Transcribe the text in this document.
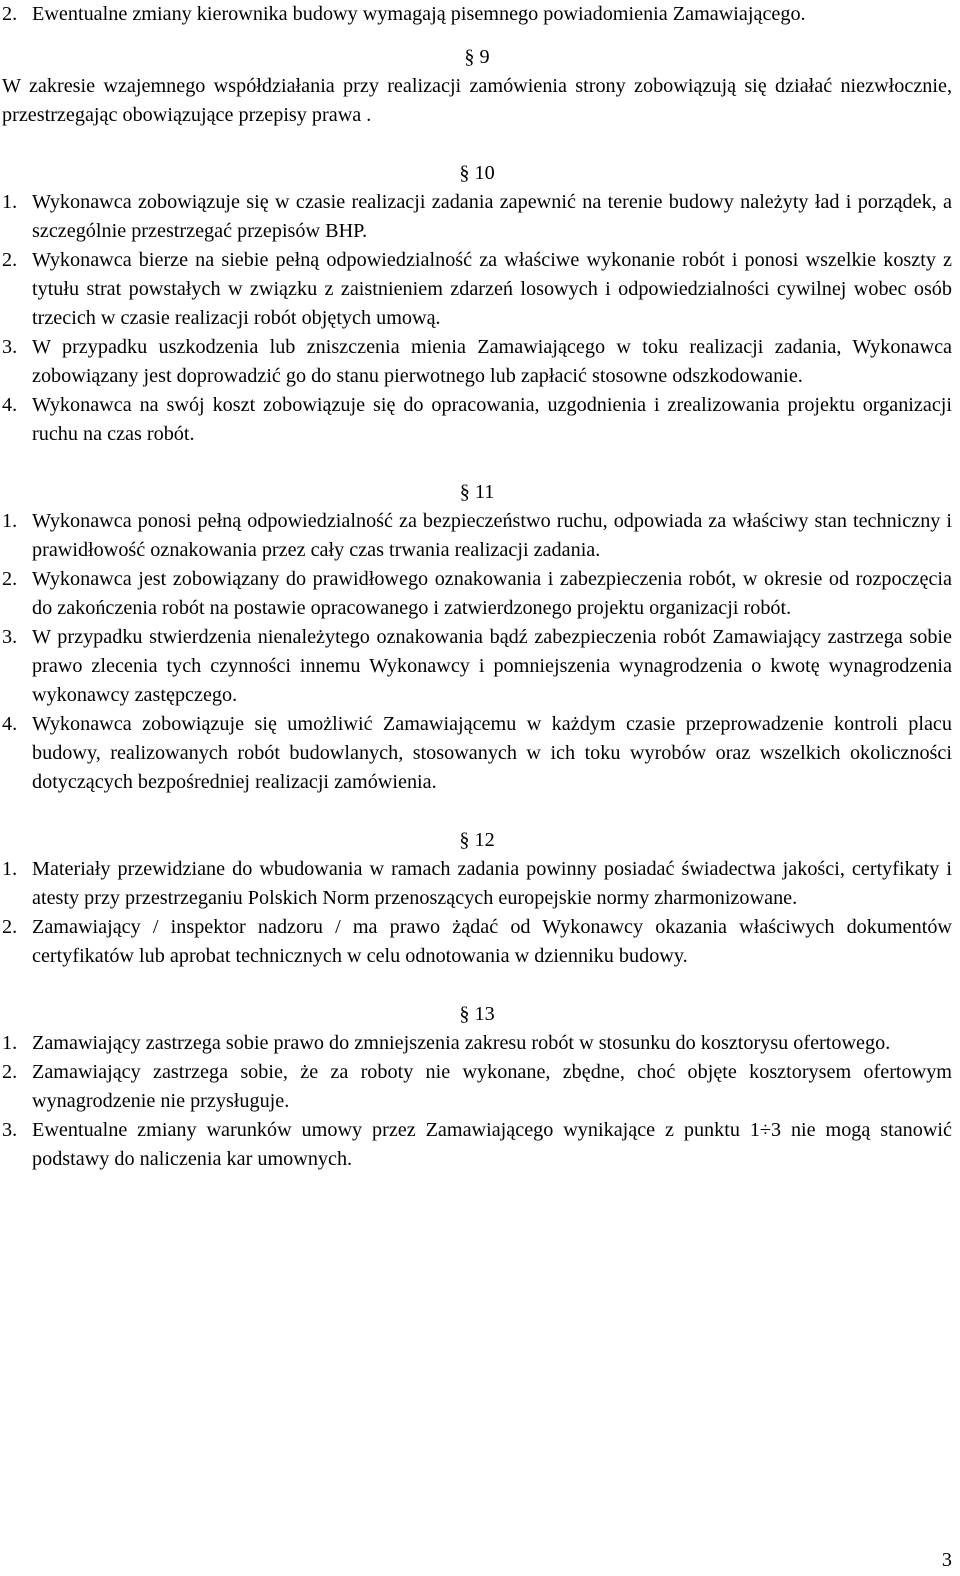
2. Ewentualne zmiany kierownika budowy wymagają pisemnego powiadomienia Zamawiającego.
§ 9

W zakresie wzajemnego współdziałania przy realizacji zamówienia strony zobowiązują się działać niezwłocznie, przestrzegając obowiązujące przepisy prawa .

§ 10
1. Wykonawca zobowiązuje się w czasie realizacji zadania zapewnić na terenie budowy należyty ład i porządek, a szczególnie przestrzegać przepisów BHP.
2. Wykonawca bierze na siebie pełną odpowiedzialność za właściwe wykonanie robót i ponosi wszelkie koszty z tytułu strat powstałych w związku z zaistnieniem zdarzeń losowych i odpowiedzialności cywilnej wobec osób trzecich w czasie realizacji robót objętych umową.
3. W przypadku uszkodzenia lub zniszczenia mienia Zamawiającego w toku realizacji zadania, Wykonawca zobowiązany jest doprowadzić go do stanu pierwotnego lub zapłacić stosowne odszkodowanie.
4. Wykonawca na swój koszt zobowiązuje się do opracowania, uzgodnienia i zrealizowania projektu organizacji ruchu na czas robót.
§ 11
1. Wykonawca ponosi pełną odpowiedzialność za bezpieczeństwo ruchu, odpowiada za właściwy stan techniczny i prawidłowość oznakowania przez cały czas trwania realizacji zadania.
2. Wykonawca jest zobowiązany do prawidłowego oznakowania i zabezpieczenia robót, w okresie od rozpoczęcia do zakończenia robót na postawie opracowanego i zatwierdzonego projektu organizacji robót.
3. W przypadku stwierdzenia nienależytego oznakowania bądź zabezpieczenia robót Zamawiający zastrzega sobie prawo zlecenia tych czynności innemu Wykonawcy i pomniejszenia wynagrodzenia o kwotę wynagrodzenia wykonawcy zastępczego.
4. Wykonawca zobowiązuje się umożliwić Zamawiającemu w każdym czasie przeprowadzenie kontroli placu budowy, realizowanych robót budowlanych, stosowanych w ich toku wyrobów oraz wszelkich okoliczności dotyczących bezpośredniej realizacji zamówienia.
§ 12
1. Materiały przewidziane do wbudowania w ramach zadania powinny posiadać świadectwa jakości, certyfikaty i atesty przy przestrzeganiu Polskich Norm przenoszących europejskie normy zharmonizowane.
2. Zamawiający / inspektor nadzoru / ma prawo żądać od Wykonawcy okazania właściwych dokumentów certyfikatów lub aprobat technicznych w celu odnotowania w dzienniku budowy.
§ 13
1. Zamawiający zastrzega sobie prawo do zmniejszenia zakresu robót w stosunku do kosztorysu ofertowego.
2. Zamawiający zastrzega sobie, że za roboty nie wykonane, zbędne, choć objęte kosztorysem ofertowym wynagrodzenie nie przysługuje.
3. Ewentualne zmiany warunków umowy przez Zamawiającego wynikające z punktu 1÷3 nie mogą stanowić podstawy do naliczenia kar umownych.
3
